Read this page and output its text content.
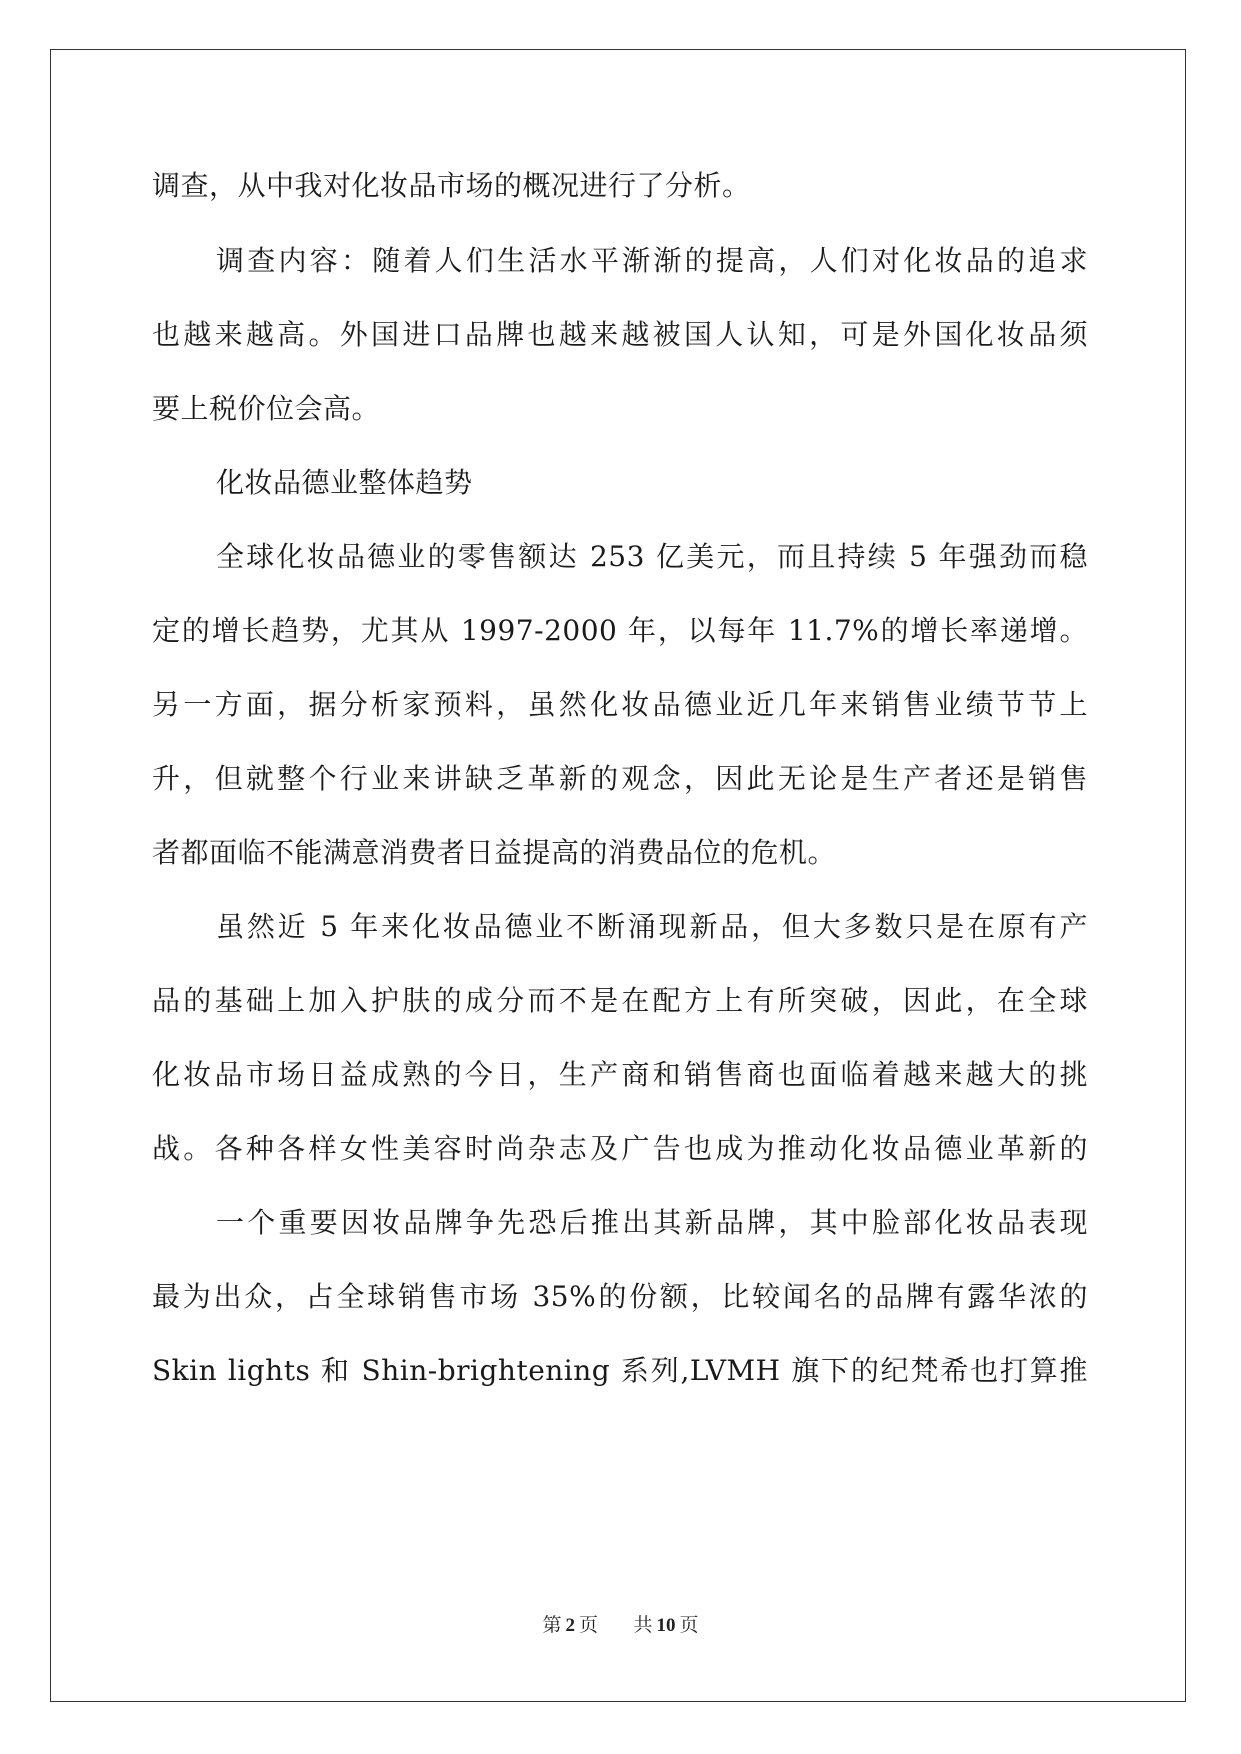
调查，从中我对化妆品市场的概况进行了分析。
调查内容：随着人们生活水平渐渐的提高，人们对化妆品的追求
也越来越高。外国进口品牌也越来越被国人认知，可是外国化妆品须
要上税价位会高。
化妆品德业整体趋势
全球化妆品德业的零售额达 253 亿美元，而且持续 5 年强劲而稳
定的增长趋势，尤其从 1997-2000 年，以每年 11.7%的增长率递增。
另一方面，据分析家预料，虽然化妆品德业近几年来销售业绩节节上
升，但就整个行业来讲缺乏革新的观念，因此无论是生产者还是销售
者都面临不能满意消费者日益提高的消费品位的危机。
虽然近 5 年来化妆品德业不断涌现新品，但大多数只是在原有产
品的基础上加入护肤的成分而不是在配方上有所突破，因此，在全球
化妆品市场日益成熟的今日，生产商和销售商也面临着越来越大的挑
战。各种各样女性美容时尚杂志及广告也成为推动化妆品德业革新的
一个重要因妆品牌争先恐后推出其新品牌，其中脸部化妆品表现
最为出众，占全球销售市场 35%的份额，比较闻名的品牌有露华浓的
Skin lights 和 Shin-brightening 系列,LVMH 旗下的纪梵希也打算推
第 2 页 共 10 页
